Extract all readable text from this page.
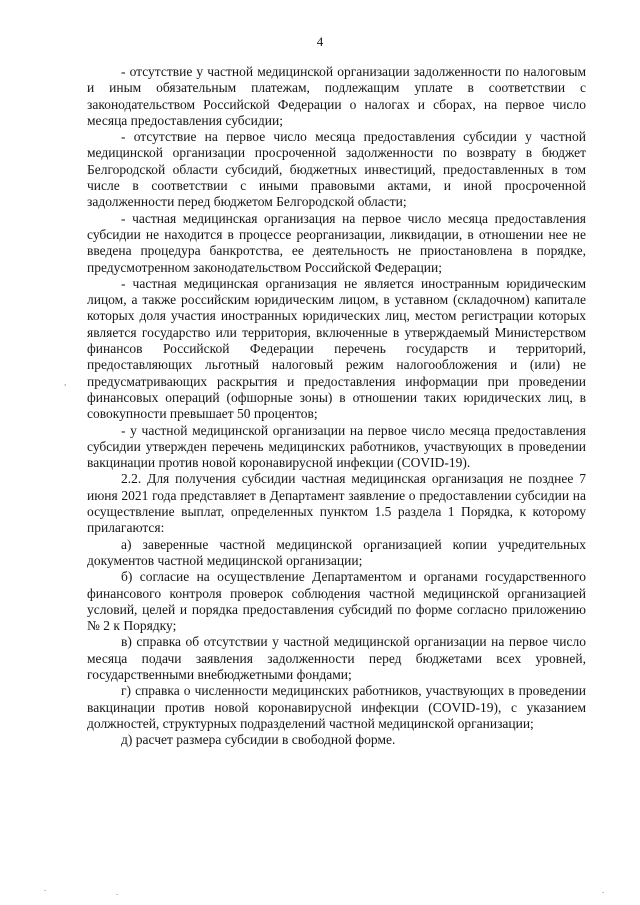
4

- отсутствие у частной медицинской организации задолженности по налоговым и иным обязательным платежам, подлежащим уплате в соответствии с законодательством Российской Федерации о налогах и сборах, на первое число месяца предоставления субсидии;

- отсутствие на первое число месяца предоставления субсидии у частной медицинской организации просроченной задолженности по возврату в бюджет Белгородской области субсидий, бюджетных инвестиций, предоставленных в том числе в соответствии с иными правовыми актами, и иной просроченной задолженности перед бюджетом Белгородской области;

- частная медицинская организация на первое число месяца предоставления субсидии не находится в процессе реорганизации, ликвидации, в отношении нее не введена процедура банкротства, ее деятельность не приостановлена в порядке, предусмотренном законодательством Российской Федерации;

- частная медицинская организация не является иностранным юридическим лицом, а также российским юридическим лицом, в уставном (складочном) капитале которых доля участия иностранных юридических лиц, местом регистрации которых является государство или территория, включенные в утверждаемый Министерством финансов Российской Федерации перечень государств и территорий, предоставляющих льготный налоговый режим налогообложения и (или) не предусматривающих раскрытия и предоставления информации при проведении финансовых операций (офшорные зоны) в отношении таких юридических лиц, в совокупности превышает 50 процентов;

- у частной медицинской организации на первое число месяца предоставления субсидии утвержден перечень медицинских работников, участвующих в проведении вакцинации против новой коронавирусной инфекции (COVID-19).

2.2. Для получения субсидии частная медицинская организация не позднее 7 июня 2021 года представляет в Департамент заявление о предоставлении субсидии на осуществление выплат, определенных пунктом 1.5 раздела 1 Порядка, к которому прилагаются:

а) заверенные частной медицинской организацией копии учредительных документов частной медицинской организации;

б) согласие на осуществление Департаментом и органами государственного финансового контроля проверок соблюдения частной медицинской организацией условий, целей и порядка предоставления субсидий по форме согласно приложению № 2 к Порядку;

в) справка об отсутствии у частной медицинской организации на первое число месяца подачи заявления задолженности перед бюджетами всех уровней, государственными внебюджетными фондами;

г) справка о численности медицинских работников, участвующих в проведении вакцинации против новой коронавирусной инфекции (COVID-19), с указанием должностей, структурных подразделений частной медицинской организации;

д) расчет размера субсидии в свободной форме.

,
.	.	.
